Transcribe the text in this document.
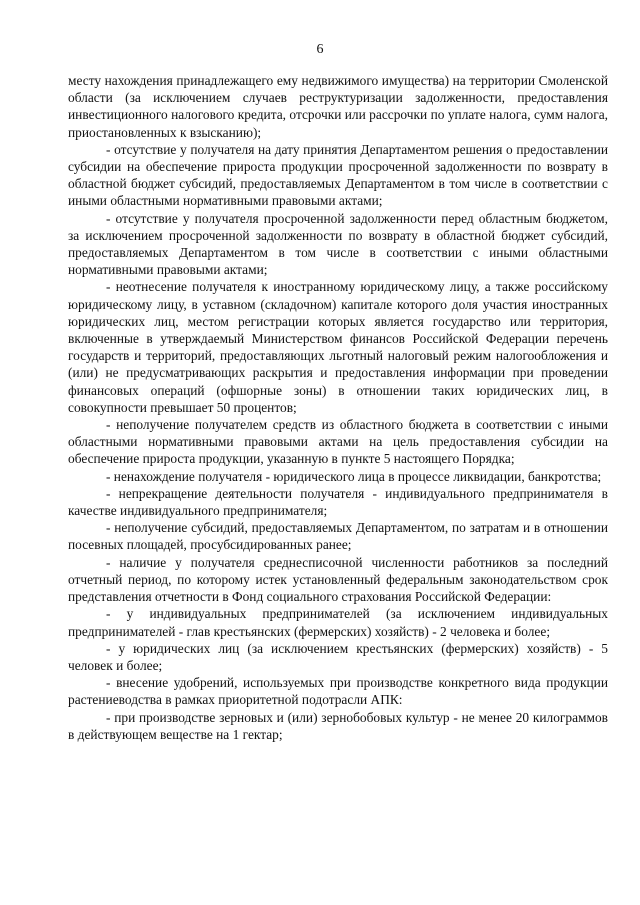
6

месту нахождения принадлежащего ему недвижимого имущества) на территории Смоленской области (за исключением случаев реструктуризации задолженности, предоставления инвестиционного налогового кредита, отсрочки или рассрочки по уплате налога, сумм налога, приостановленных к взысканию);

- отсутствие у получателя на дату принятия Департаментом решения о предоставлении субсидии на обеспечение прироста продукции просроченной задолженности по возврату в областной бюджет субсидий, предоставляемых Департаментом в том числе в соответствии с иными областными нормативными правовыми актами;

- отсутствие у получателя просроченной задолженности перед областным бюджетом, за исключением просроченной задолженности по возврату в областной бюджет субсидий, предоставляемых Департаментом в том числе в соответствии с иными областными нормативными правовыми актами;

- неотнесение получателя к иностранному юридическому лицу, а также российскому юридическому лицу, в уставном (складочном) капитале которого доля участия иностранных юридических лиц, местом регистрации которых является государство или территория, включенные в утверждаемый Министерством финансов Российской Федерации перечень государств и территорий, предоставляющих льготный налоговый режим налогообложения и (или) не предусматривающих раскрытия и предоставления информации при проведении финансовых операций (офшорные зоны) в отношении таких юридических лиц, в совокупности превышает 50 процентов;

- неполучение получателем средств из областного бюджета в соответствии с иными областными нормативными правовыми актами на цель предоставления субсидии на обеспечение прироста продукции, указанную в пункте 5 настоящего Порядка;

- ненахождение получателя - юридического лица в процессе ликвидации, банкротства;

- непрекращение деятельности получателя - индивидуального предпринимателя в качестве индивидуального предпринимателя;

- неполучение субсидий, предоставляемых Департаментом, по затратам и в отношении посевных площадей, просубсидированных ранее;

- наличие у получателя среднесписочной численности работников за последний отчетный период, по которому истек установленный федеральным законодательством срок представления отчетности в Фонд социального страхования Российской Федерации:

- у индивидуальных предпринимателей (за исключением индивидуальных предпринимателей - глав крестьянских (фермерских) хозяйств) - 2 человека и более;

- у юридических лиц (за исключением крестьянских (фермерских) хозяйств) - 5 человек и более;

- внесение удобрений, используемых при производстве конкретного вида продукции растениеводства в рамках приоритетной подотрасли АПК:

- при производстве зерновых и (или) зернобобовых культур - не менее 20 килограммов в действующем веществе на 1 гектар;
